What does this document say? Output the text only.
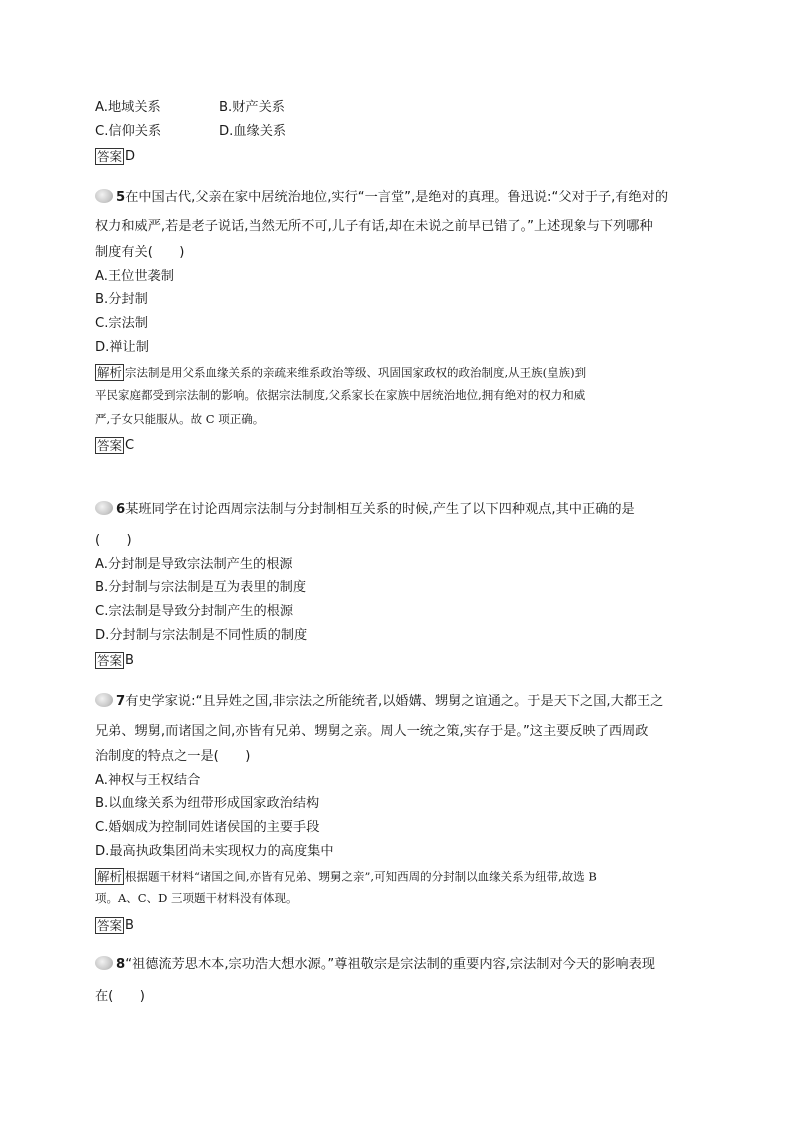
A.地域关系	B.财产关系
C.信仰关系	D.血缘关系
答案 D
5在中国古代,父亲在家中居统治地位,实行“一言堂”,是绝对的真理。鲁迅说:“父对于子,有绝对的
权力和威严,若是老子说话,当然无所不可,儿子有话,却在未说之前早已错了。”上述现象与下列哪种
制度有关(　　)
A.王位世袭制
B.分封制
C.宗法制
D.禅让制
解析 宗法制是用父系血缘关系的亲疏来维系政治等级、巩固国家政权的政治制度,从王族(皇族)到
平民家庭都受到宗法制的影响。依据宗法制度,父系家长在家族中居统治地位,拥有绝对的权力和威
严,子女只能服从。故 C 项正确。
答案 C
6某班同学在讨论西周宗法制与分封制相互关系的时候,产生了以下四种观点,其中正确的是
(　　)
A.分封制是导致宗法制产生的根源
B.分封制与宗法制是互为表里的制度
C.宗法制是导致分封制产生的根源
D.分封制与宗法制是不同性质的制度
答案 B
7有史学家说:“且异姓之国,非宗法之所能统者,以婚媾、甥舅之谊通之。于是天下之国,大都王之
兄弟、甥舅,而诸国之间,亦皆有兄弟、甥舅之亲。周人一统之策,实存于是。”这主要反映了西周政
治制度的特点之一是(　　)
A.神权与王权结合
B.以血缘关系为纽带形成国家政治结构
C.婚姻成为控制同姓诸侯国的主要手段
D.最高执政集团尚未实现权力的高度集中
解析 根据题干材料“诸国之间,亦皆有兄弟、甥舅之亲”,可知西周的分封制以血缘关系为纽带,故选 B
项。A、C、D 三项题干材料没有体现。
答案 B
8“祖德流芳思木本,宗功浩大想水源。”尊祖敬宗是宗法制的重要内容,宗法制对今天的影响表现
在(　　)
